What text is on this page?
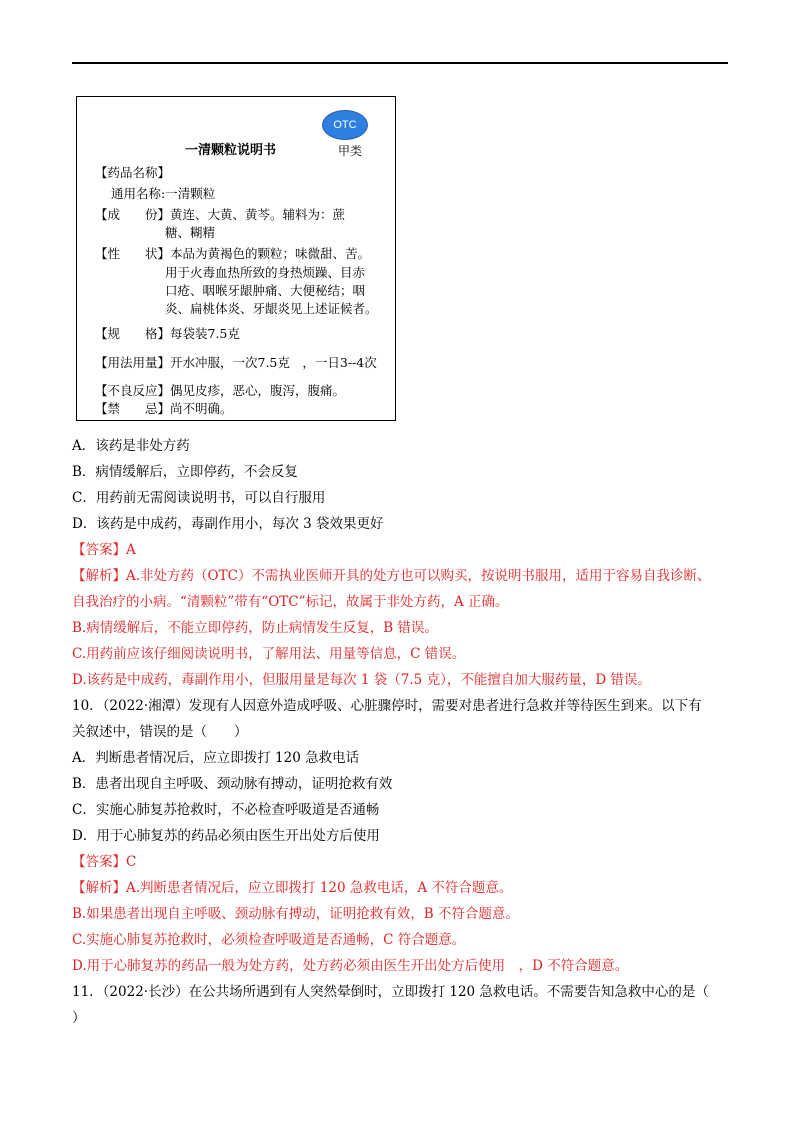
OTC
甲类
一清颗粒说明书
【药品名称】
通用名称:一清颗粒
【成　　份】黄连、大黄、黄芩。辅料为：蔗
糖、糊精
【性　　状】本品为黄褐色的颗粒；味微甜、苦。
用于火毒血热所致的身热烦躁、目赤
口疮、咽喉牙龈肿痛、大便秘结；咽
炎、扁桃体炎、牙龈炎见上述证候者。
【规　　格】每袋装7.5克
【用法用量】开水冲服，一次7.5克　，一日3--4次
【不良反应】偶见皮疹，恶心，腹泻，腹痛。
【禁　　忌】尚不明确。
A．该药是非处方药
B．病情缓解后，立即停药，不会反复
C．用药前无需阅读说明书，可以自行服用
D．该药是中成药，毒副作用小，每次 3 袋效果更好
【答案】A
【解析】A.非处方药（OTC）不需执业医师开具的处方也可以购买，按说明书服用，适用于容易自我诊断、
自我治疗的小病。“清颗粒”带有“OTC”标记，故属于非处方药，A 正确。
B.病情缓解后，不能立即停药，防止病情发生反复，B 错误。
C.用药前应该仔细阅读说明书，了解用法、用量等信息，C 错误。
D.该药是中成药，毒副作用小，但服用量是每次 1 袋（7.5 克），不能擅自加大服药量，D 错误。
10．（2022·湘潭）发现有人因意外造成呼吸、心脏骤停时，需要对患者进行急救并等待医生到来。以下有
关叙述中，错误的是（　　）
A．判断患者情况后，应立即拨打 120 急救电话
B．患者出现自主呼吸、颈动脉有搏动，证明抢救有效
C．实施心肺复苏抢救时，不必检查呼吸道是否通畅
D．用于心肺复苏的药品必须由医生开出处方后使用
【答案】C
【解析】A.判断患者情况后，应立即拨打 120 急救电话，A 不符合题意。
B.如果患者出现自主呼吸、颈动脉有搏动，证明抢救有效，B 不符合题意。
C.实施心肺复苏抢救时，必须检查呼吸道是否通畅，C 符合题意。
D.用于心肺复苏的药品一般为处方药，处方药必须由医生开出处方后使用　，D 不符合题意。
11．（2022·长沙）在公共场所遇到有人突然晕倒时，立即拨打 120 急救电话。不需要告知急救中心的是（
）
